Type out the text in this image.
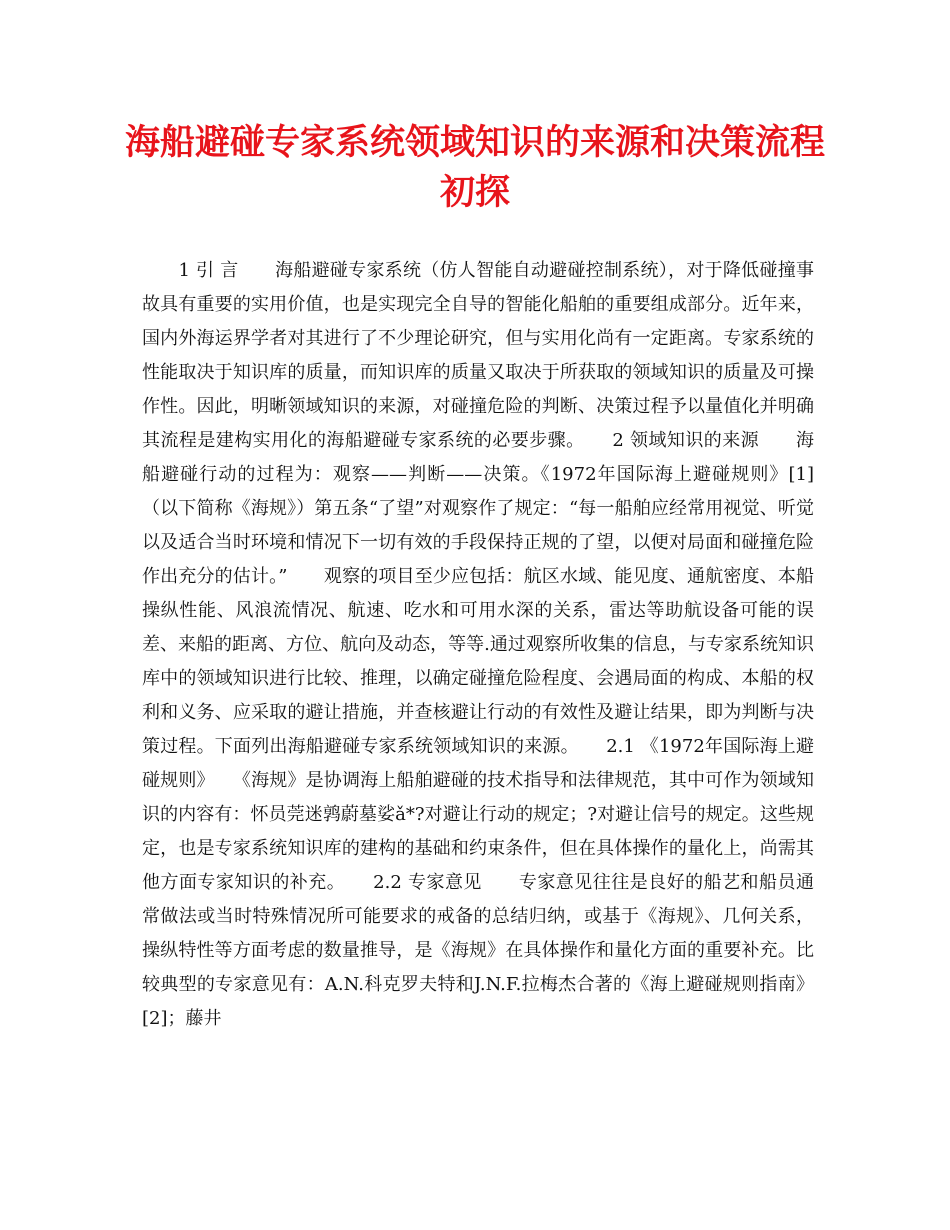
海船避碰专家系统领域知识的来源和决策流程初探

　　1 引 言　　海船避碰专家系统（仿人智能自动避碰控制系统），对于降低碰撞事故具有重要的实用价值，也是实现完全自导的智能化船舶的重要组成部分。近年来，国内外海运界学者对其进行了不少理论研究，但与实用化尚有一定距离。专家系统的性能取决于知识库的质量，而知识库的质量又取决于所获取的领域知识的质量及可操作性。因此，明晰领域知识的来源，对碰撞危险的判断、决策过程予以量值化并明确其流程是建构实用化的海船避碰专家系统的必要步骤。　　2 领域知识的来源　　海船避碰行动的过程为：观察——判断——决策。《1972年国际海上避碰规则》[1]（以下简称《海规》）第五条“了望”对观察作了规定：“每一船舶应经常用视觉、听觉以及适合当时环境和情况下一切有效的手段保持正规的了望，以便对局面和碰撞危险作出充分的估计。”　　观察的项目至少应包括：航区水域、能见度、通航密度、本船操纵性能、风浪流情况、航速、吃水和可用水深的关系，雷达等助航设备可能的误差、来船的距离、方位、航向及动态，等等.通过观察所收集的信息，与专家系统知识库中的领域知识进行比较、推理，以确定碰撞危险程度、会遇局面的构成、本船的权利和义务、应采取的避让措施，并查核避让行动的有效性及避让结果，即为判断与决策过程。下面列出海船避碰专家系统领域知识的来源。　　2.1 《1972年国际海上避碰规则》　　《海规》是协调海上船舶避碰的技术指导和法律规范，其中可作为领域知识的内容有：怀员莞迷鹑蔚墓娑ǎ*?对避让行动的规定；?对避让信号的规定。这些规定，也是专家系统知识库的建构的基础和约束条件，但在具体操作的量化上，尚需其他方面专家知识的补充。　　2.2 专家意见　　专家意见往往是良好的船艺和船员通常做法或当时特殊情况所可能要求的戒备的总结归纳，或基于《海规》、几何关系，操纵特性等方面考虑的数量推导，是《海规》在具体操作和量化方面的重要补充。比较典型的专家意见有：A.N.科克罗夫特和J.N.F.拉梅杰合著的《海上避碰规则指南》[2]；藤井
